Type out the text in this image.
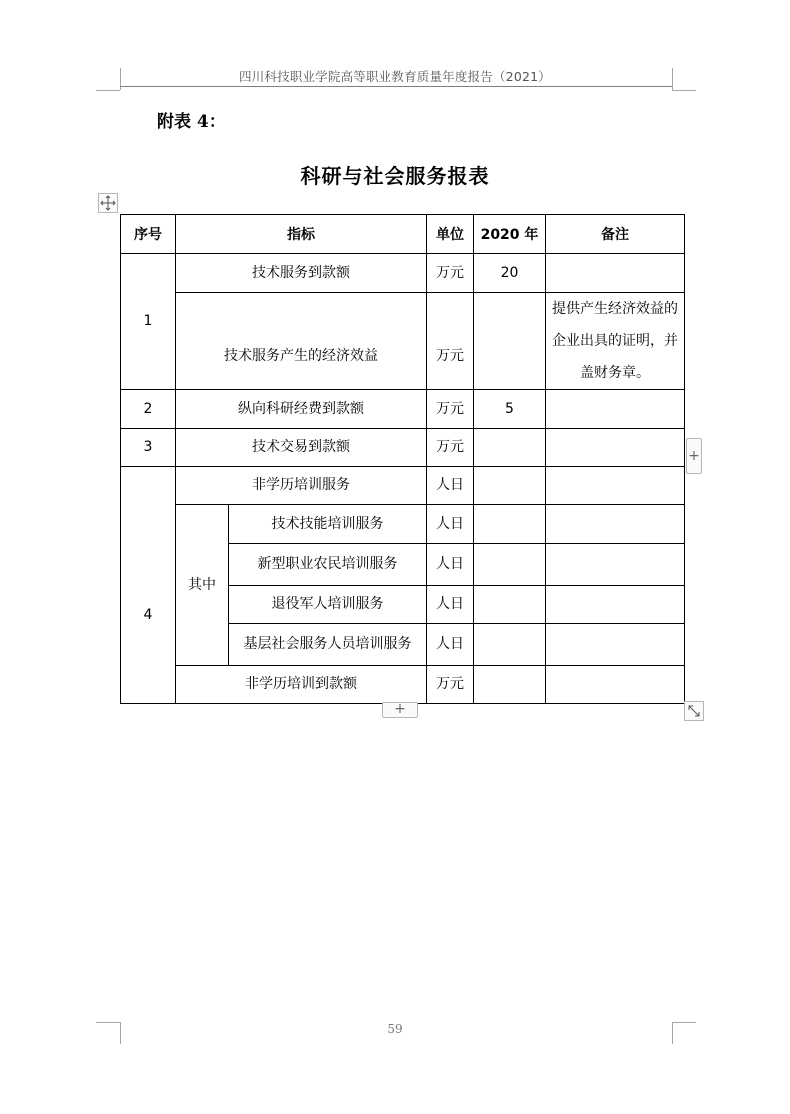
四川科技职业学院高等职业教育质量年度报告（2021）
附表 4：
科研与社会服务报表
序号	指标		单位	2020 年	备注
1	技术服务到款额		万元	20	
	技术服务产生的经济效益		万元		提供产生经济效益的企业出具的证明，并盖财务章。
2	纵向科研经费到款额		万元	5	
3	技术交易到款额		万元		
4	非学历培训服务		人日		
	其中	技术技能培训服务	人日		
		新型职业农民培训服务	人日		
		退役军人培训服务	人日		
		基层社会服务人员培训服务	人日		
	非学历培训到款额		万元		
+
+
59
